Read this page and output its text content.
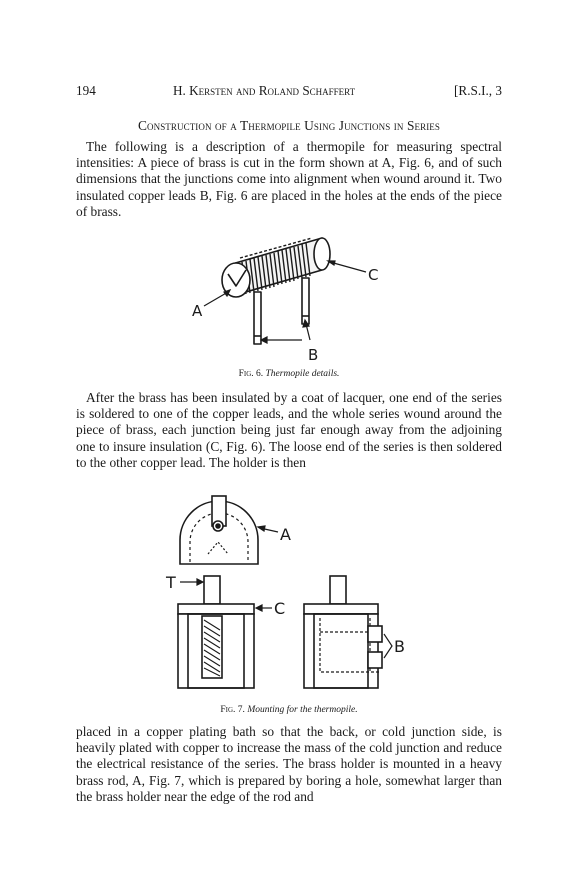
194	H. Kersten and Roland Schaffert	[R.S.I., 3
Construction of a Thermopile Using Junctions in Series

The following is a description of a thermopile for measuring spectral intensities: A piece of brass is cut in the form shown at A, Fig. 6, and of such dimensions that the junctions come into alignment when wound around it. Two insulated copper leads B, Fig. 6 are placed in the holes at the ends of the piece of brass.

C
A
B
Fig. 6. Thermopile details.

After the brass has been insulated by a coat of lacquer, one end of the series is soldered to one of the copper leads, and the whole series wound around the piece of brass, each junction being just far enough away from the adjoining one to insure insulation (C, Fig. 6). The loose end of the series is then soldered to the other copper lead. The holder is then

A
T
C
B
Fig. 7. Mounting for the thermopile.

placed in a copper plating bath so that the back, or cold junction side, is heavily plated with copper to increase the mass of the cold junction and reduce the electrical resistance of the series. The brass holder is mounted in a heavy brass rod, A, Fig. 7, which is prepared by boring a hole, somewhat larger than the brass holder near the edge of the rod and
